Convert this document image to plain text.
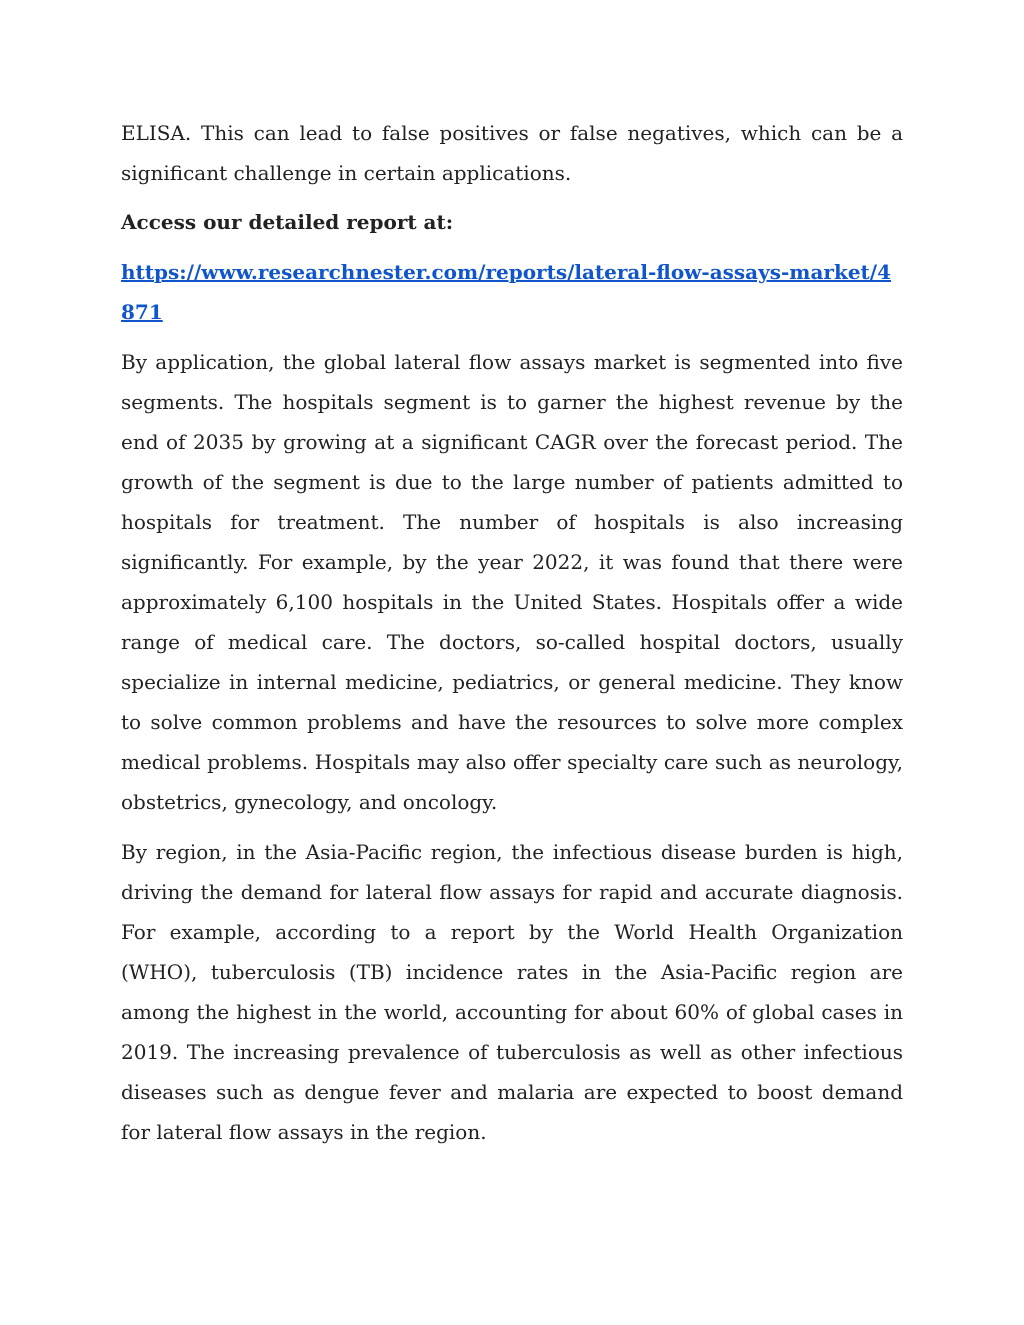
ELISA. This can lead to false positives or false negatives, which can be a significant challenge in certain applications.

Access our detailed report at:

https://www.researchnester.com/reports/lateral-flow-assays-market/4871

By application, the global lateral flow assays market is segmented into five segments. The hospitals segment is to garner the highest revenue by the end of 2035 by growing at a significant CAGR over the forecast period. The growth of the segment is due to the large number of patients admitted to hospitals for treatment. The number of hospitals is also increasing significantly. For example, by the year 2022, it was found that there were approximately 6,100 hospitals in the United States. Hospitals offer a wide range of medical care. The doctors, so-called hospital doctors, usually specialize in internal medicine, pediatrics, or general medicine. They know to solve common problems and have the resources to solve more complex medical problems. Hospitals may also offer specialty care such as neurology, obstetrics, gynecology, and oncology.

By region, in the Asia-Pacific region, the infectious disease burden is high, driving the demand for lateral flow assays for rapid and accurate diagnosis. For example, according to a report by the World Health Organization (WHO), tuberculosis (TB) incidence rates in the Asia-Pacific region are among the highest in the world, accounting for about 60% of global cases in 2019. The increasing prevalence of tuberculosis as well as other infectious diseases such as dengue fever and malaria are expected to boost demand for lateral flow assays in the region.
